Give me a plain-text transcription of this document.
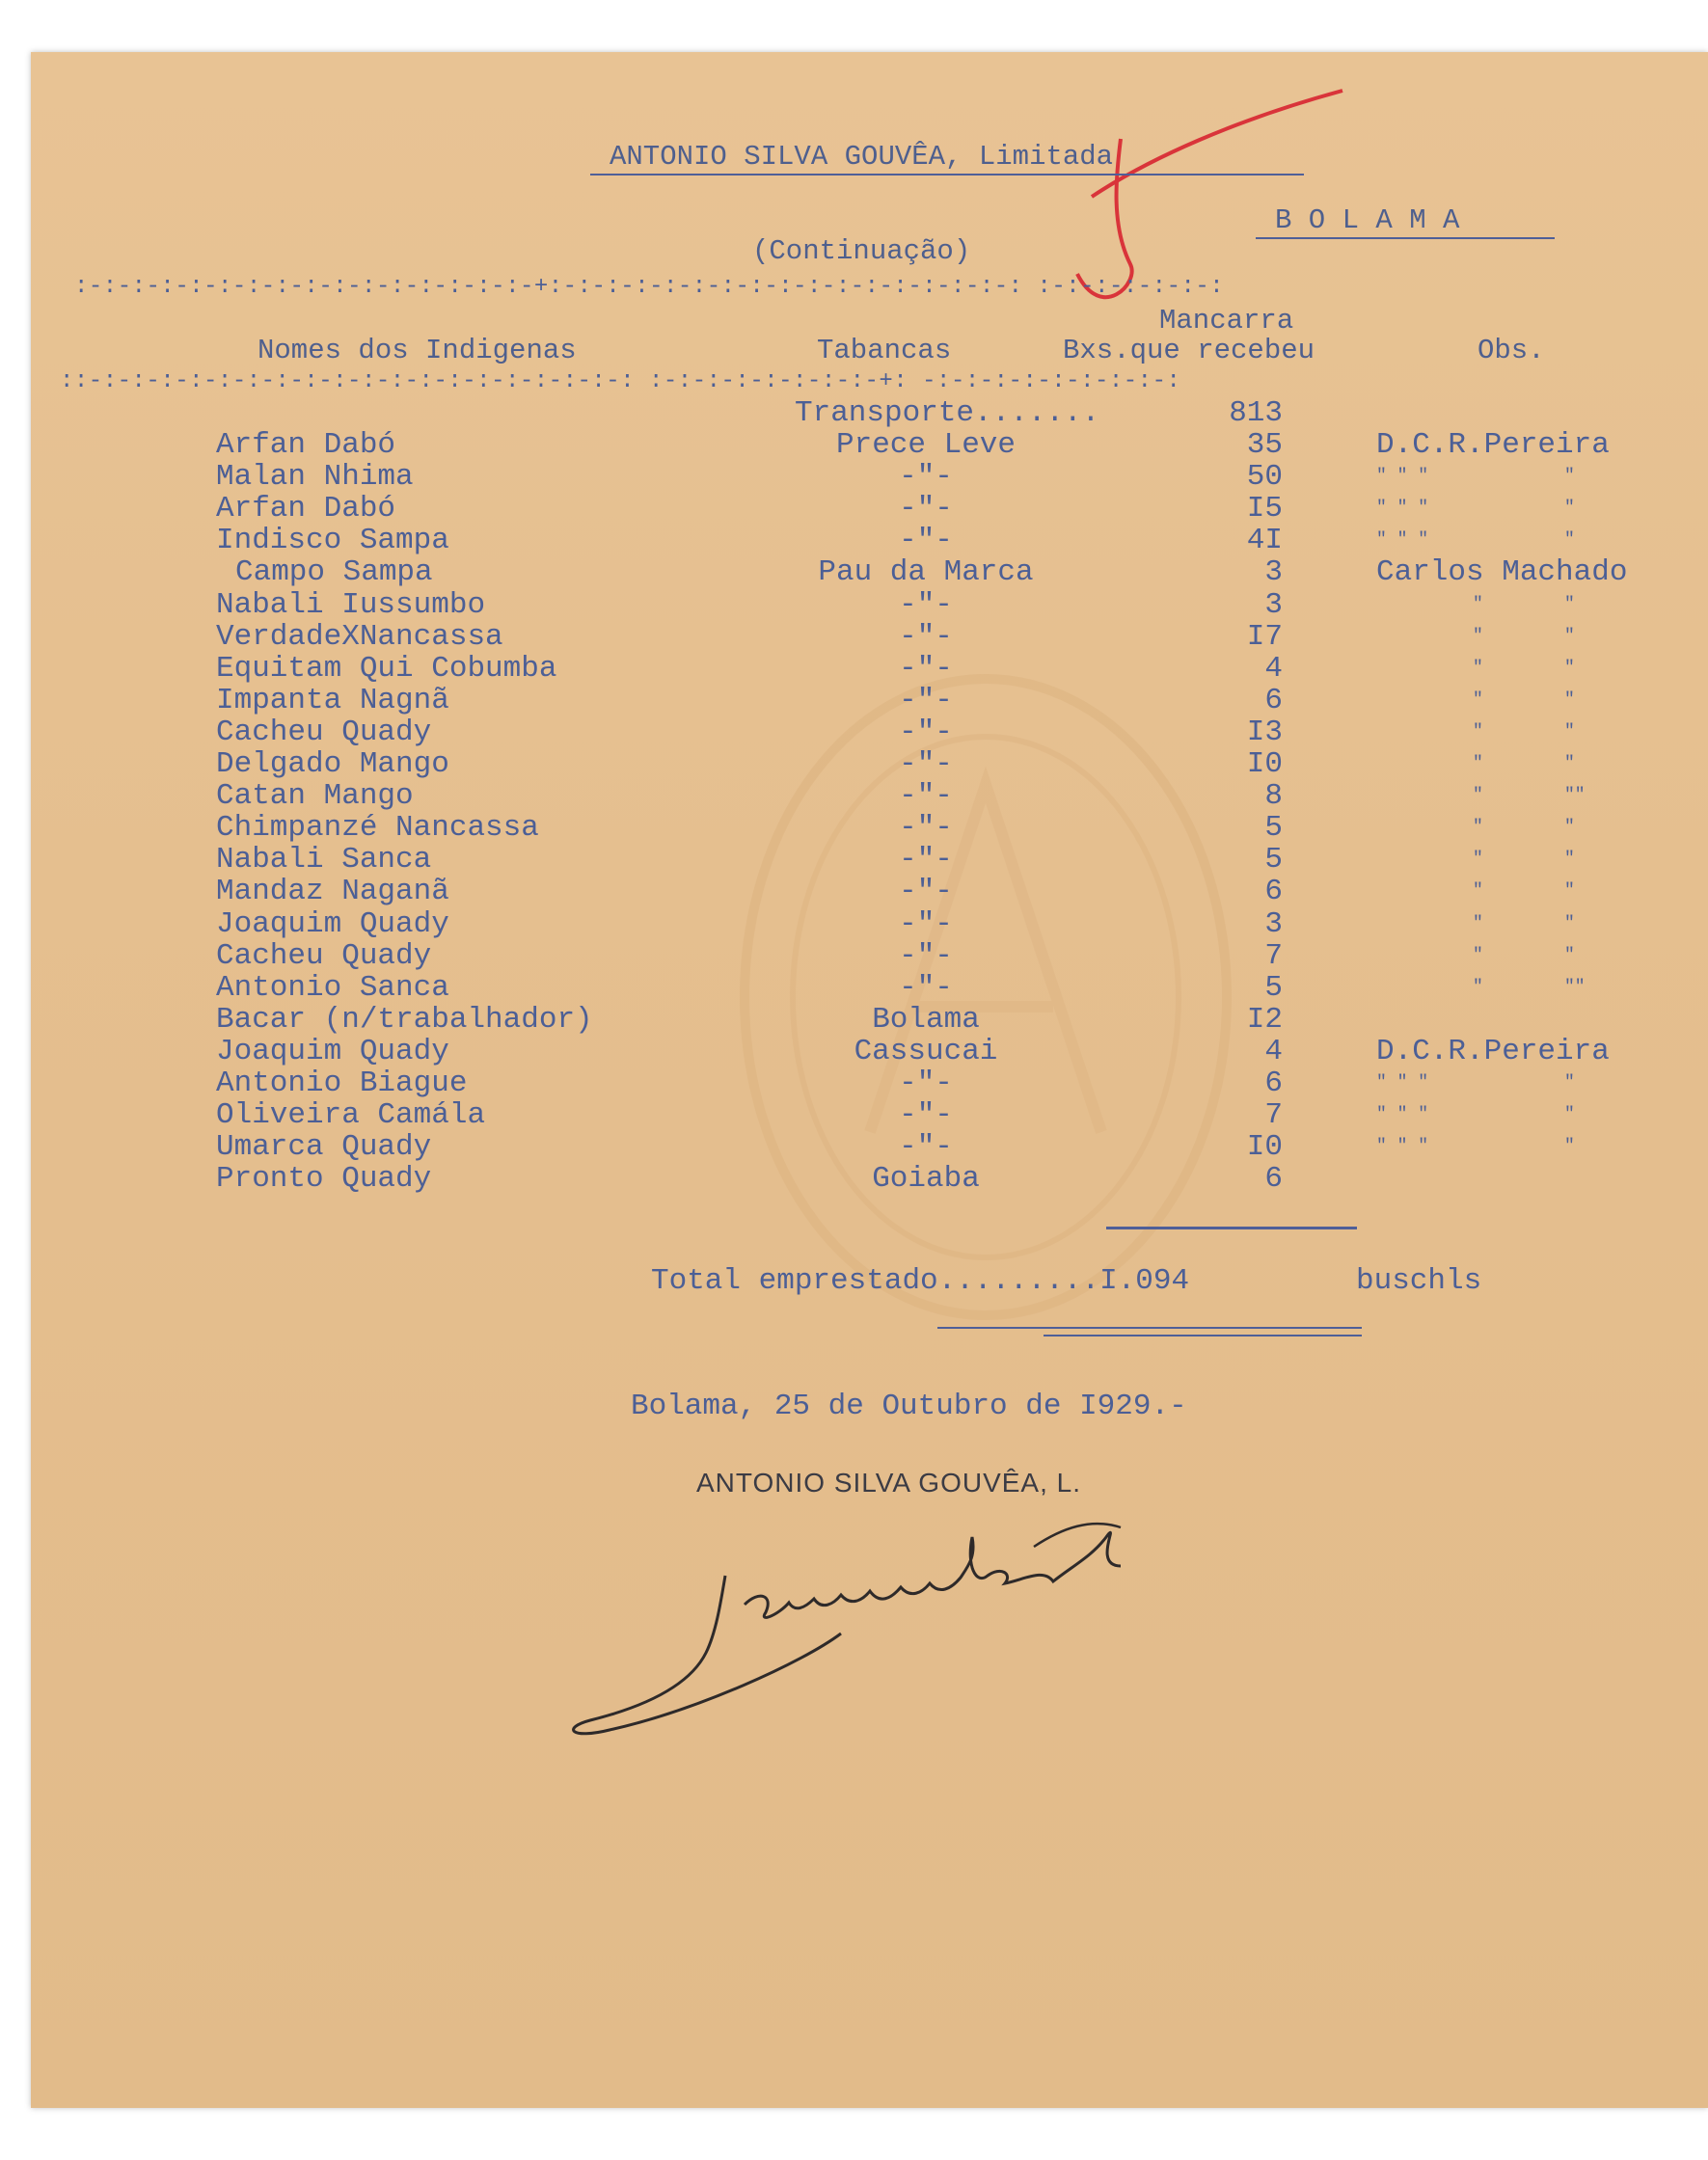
ANTONIO SILVA GOUVÊA, Limitada
B O L A M A
(Continuação)
:-:-:-:-:-:-:-:-:-:-:-:-:-:-:-:-+:-:-:-:-:-:-:-:-:-:-:-:-:-:-:-:-: :-:-:-:-:-:-:
Mancarra
Nomes dos Indigenas	Tabancas	Bxs.que recebeu	Obs.
::-:-:-:-:-:-:-:-:-:-:-:-:-:-:-:-:-:-:-: :-:-:-:-:-:-:-:-+: -:-:-:-:-:-:-:-:-:
Transporte.......	813
Arfan Dabó	Prece Leve	35	D.C.R.Pereira
Malan Nhima	-"-	50	" " "	"
Arfan Dabó	-"-	I5	" " "	"
Indisco Sampa	-"-	4I	" " "	"
Campo Sampa	Pau da Marca	3	Carlos Machado
Nabali Iussumbo	-"-	3	"	"
VerdadeXNancassa	-"-	I7	"	"
Equitam Qui Cobumba	-"-	4	"	"
Impanta Nagnã	-"-	6	"	"
Cacheu Quady	-"-	I3	"	"
Delgado Mango	-"-	I0	"	"
Catan Mango	-"-	8	"	""
Chimpanzé Nancassa	-"-	5	"	"
Nabali Sanca	-"-	5	"	"
Mandaz Naganã	-"-	6	"	"
Joaquim Quady	-"-	3	"	"
Cacheu Quady	-"-	7	"	"
Antonio Sanca	-"-	5	"	""
Bacar (n/trabalhador)	Bolama	I2
Joaquim Quady	Cassucai	4	D.C.R.Pereira
Antonio Biague	-"-	6	" " "	"
Oliveira Camála	-"-	7	" " "	"
Umarca Quady	-"-	I0	" " "	"
Pronto Quady	Goiaba	6
Total emprestado.........I.094	buschls
Bolama, 25 de Outubro de I929.-
ANTONIO SILVA GOUVÊA, L.
